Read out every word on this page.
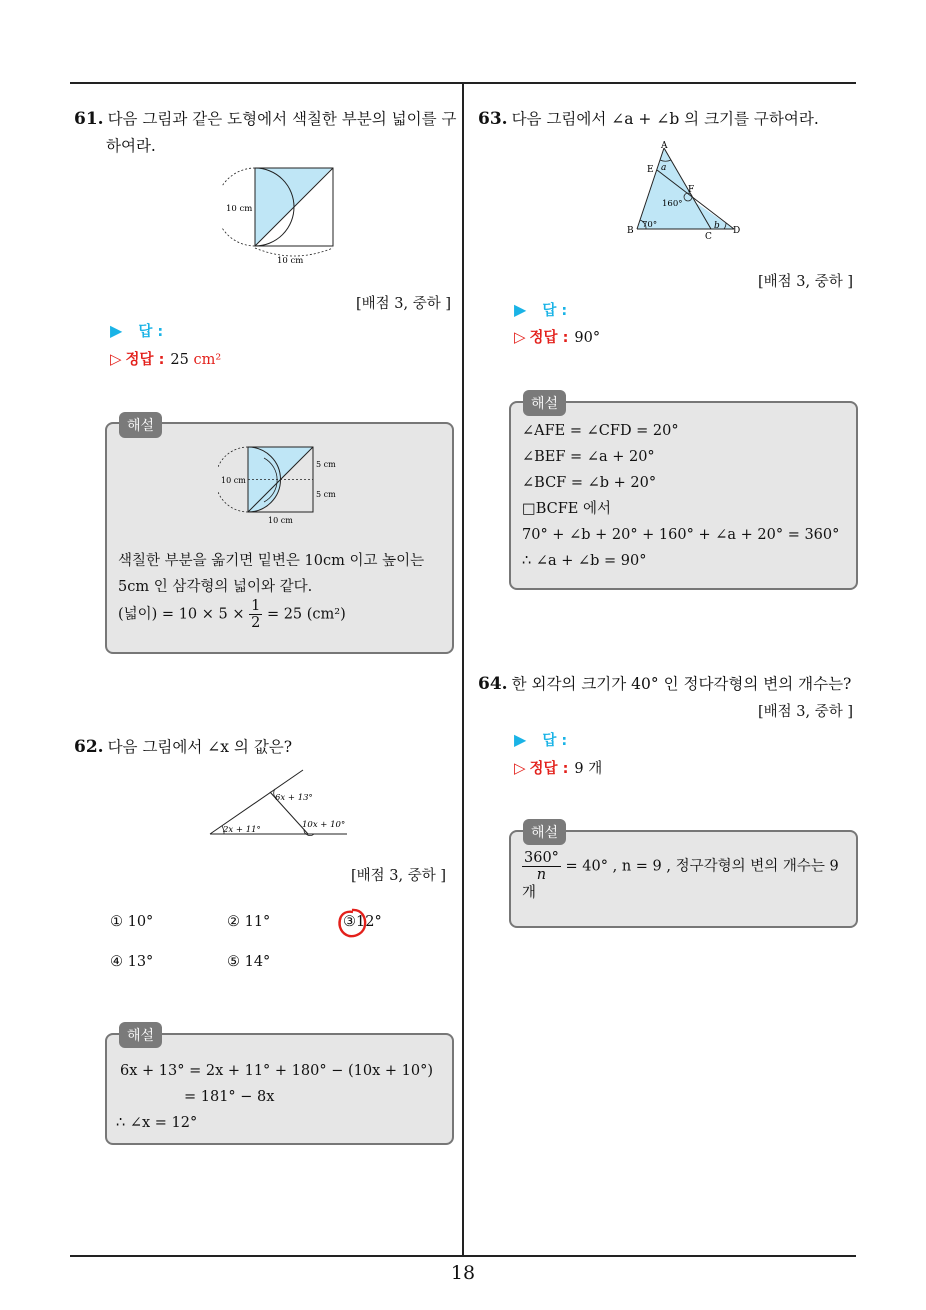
18
61. 다음 그림과 같은 도형에서 색칠한 부분의 넓이를 구
하여라.
10 cm
10 cm
[배점 3, 중하 ]
▶ 답 :
▷ 정답 : 25 cm²
해설
10 cm
5 cm
5 cm
10 cm
색칠한 부분을 옮기면 밑변은 10cm 이고 높이는
5cm 인 삼각형의 넓이와 같다.
(넓이) = $10 \times 5 \times \frac{1}{2} = 25$ (cm²)
62. 다음 그림에서 ∠x 의 값은?
6x + 13°
2x + 11°	10x + 10°
[배점 3, 중하 ]
① 10°	② 11°	③12°
④ 13°	⑤ 14°
해설
6x + 13° = 2x + 11° + 180° − (10x + 10°)
= 181° − 8x
∴ ∠x = 12°
63. 다음 그림에서 ∠a + ∠b 의 크기를 구하여라.
A
E
F
B
C
D
a
b
160°
70°
[배점 3, 중하 ]
▶ 답 :
▷ 정답 : 90°
해설
∠AFE = ∠CFD = 20°
∠BEF = ∠a + 20°
∠BCF = ∠b + 20°
□BCFE 에서
70° + ∠b + 20° + 160° + ∠a + 20° = 360°
∴ ∠a + ∠b = 90°
64. 한 외각의 크기가 40° 인 정다각형의 변의 개수는?
[배점 3, 중하 ]
▶ 답 :
▷ 정답 : 9 개
해설
$\frac{360^\circ}{n} = 40^\circ$ , n = 9 , 정구각형의 변의 개수는 9
개
